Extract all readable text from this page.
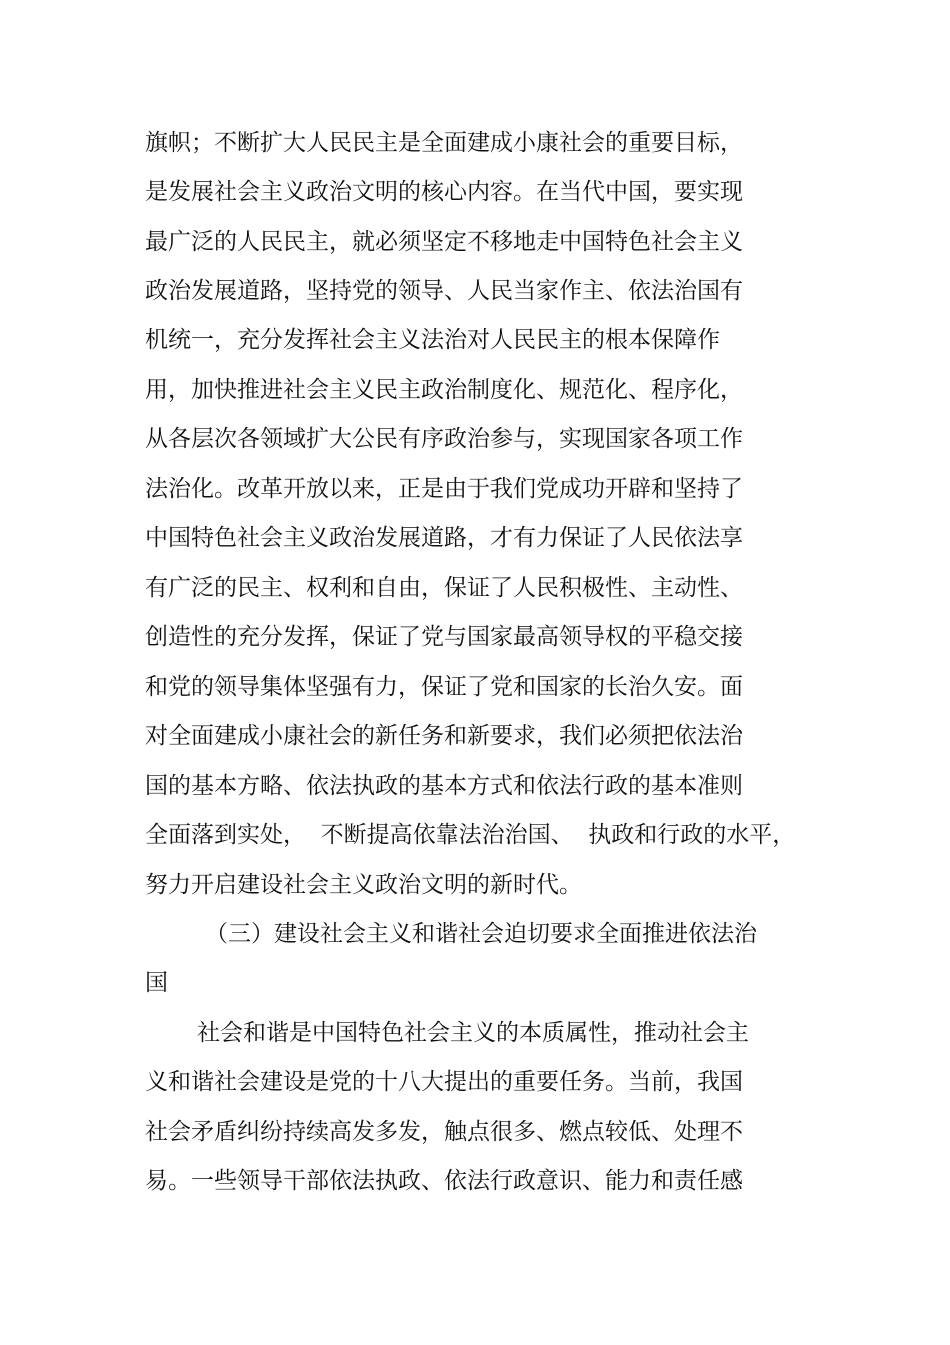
旗帜；不断扩大人民民主是全面建成小康社会的重要目标，
是发展社会主义政治文明的核心内容。在当代中国，要实现
最广泛的人民民主，就必须坚定不移地走中国特色社会主义
政治发展道路，坚持党的领导、人民当家作主、依法治国有
机统一，充分发挥社会主义法治对人民民主的根本保障作
用，加快推进社会主义民主政治制度化、规范化、程序化，
从各层次各领域扩大公民有序政治参与，实现国家各项工作
法治化。改革开放以来，正是由于我们党成功开辟和坚持了
中国特色社会主义政治发展道路，才有力保证了人民依法享
有广泛的民主、权利和自由，保证了人民积极性、主动性、
创造性的充分发挥，保证了党与国家最高领导权的平稳交接
和党的领导集体坚强有力，保证了党和国家的长治久安。面
对全面建成小康社会的新任务和新要求，我们必须把依法治
国的基本方略、依法执政的基本方式和依法行政的基本准则
全面落到实处，  不断提高依靠法治治国、  执政和行政的水平，
努力开启建设社会主义政治文明的新时代。
（三）建设社会主义和谐社会迫切要求全面推进依法治
国
社会和谐是中国特色社会主义的本质属性，推动社会主
义和谐社会建设是党的十八大提出的重要任务。当前，我国
社会矛盾纠纷持续高发多发，触点很多、燃点较低、处理不
易。一些领导干部依法执政、依法行政意识、能力和责任感
